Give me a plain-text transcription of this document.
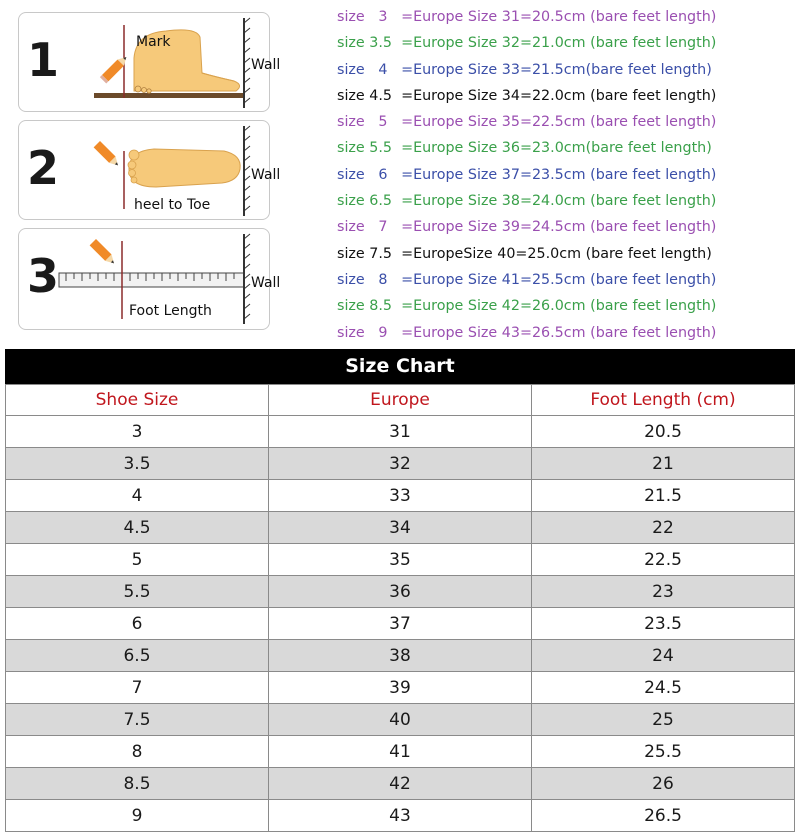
1	Mark
Wall
2	Wall
heel to Toe
3	Wall
Foot Length
size   3   =Europe Size 31=20.5cm (bare feet length)
size 3.5  =Europe Size 32=21.0cm (bare feet length)
size   4   =Europe Size 33=21.5cm(bare feet length)
size 4.5  =Europe Size 34=22.0cm (bare feet length)
size   5   =Europe Size 35=22.5cm (bare feet length)
size 5.5  =Europe Size 36=23.0cm(bare feet length)
size   6   =Europe Size 37=23.5cm (bare feet length)
size 6.5  =Europe Size 38=24.0cm (bare feet length)
size   7   =Europe Size 39=24.5cm (bare feet length)
size 7.5  =EuropeSize 40=25.0cm (bare feet length)
size   8   =Europe Size 41=25.5cm (bare feet length)
size 8.5  =Europe Size 42=26.0cm (bare feet length)
size   9   =Europe Size 43=26.5cm (bare feet length)
Size Chart
Shoe Size	Europe	Foot Length (cm)
3	31	20.5
3.5	32	21
4	33	21.5
4.5	34	22
5	35	22.5
5.5	36	23
6	37	23.5
6.5	38	24
7	39	24.5
7.5	40	25
8	41	25.5
8.5	42	26
9	43	26.5
